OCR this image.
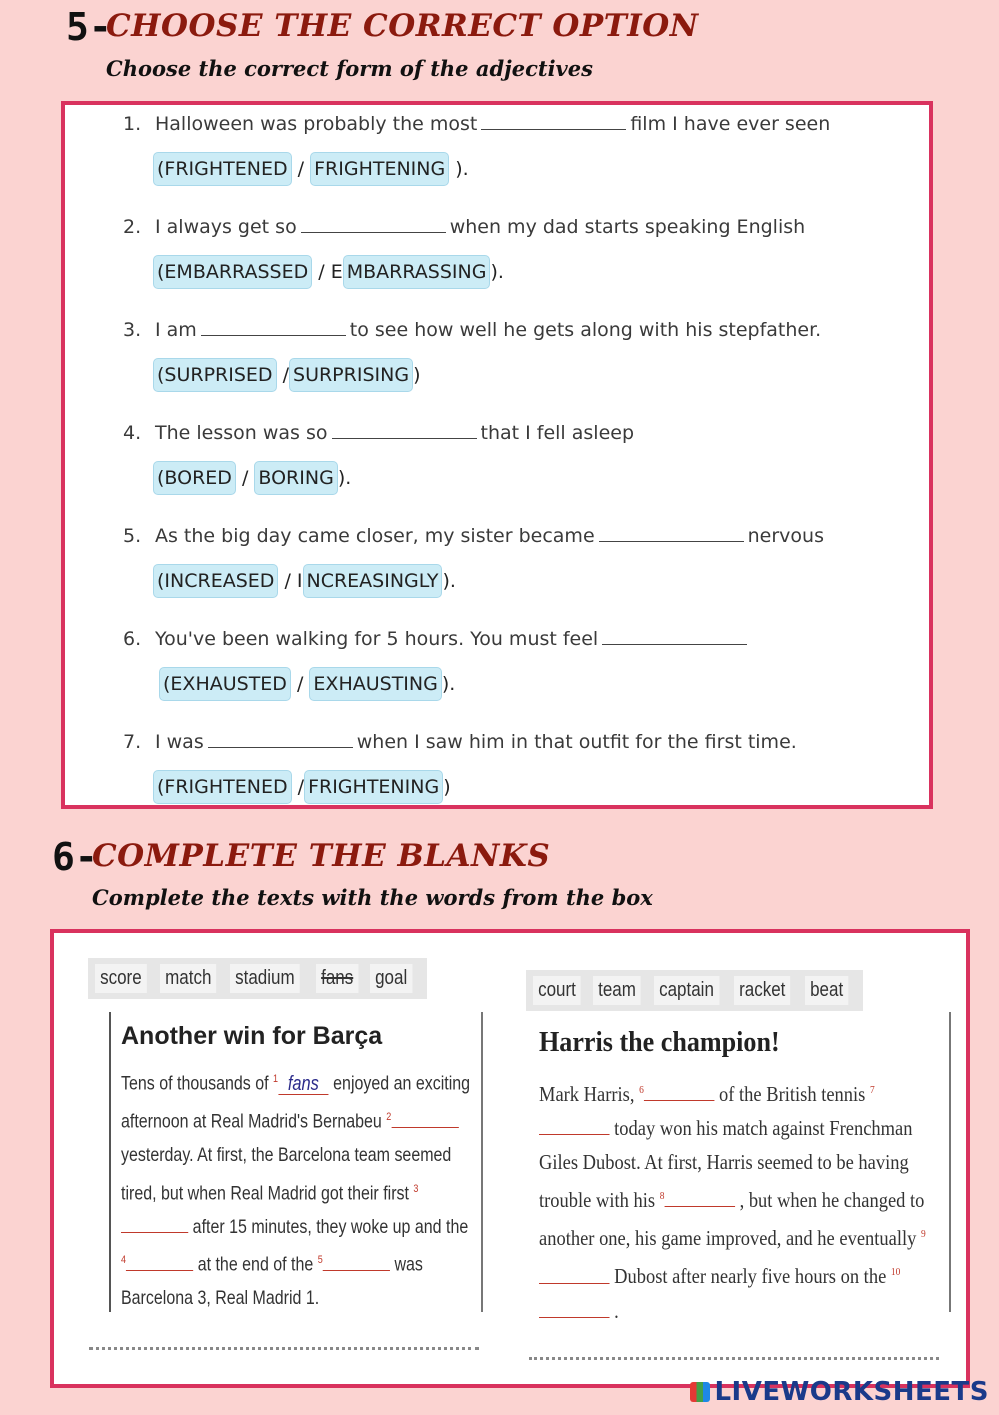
5-
CHOOSE THE CORRECT OPTION
Choose the correct form of the adjectives
1. Halloween was probably the most	film I have ever seen
(FRIGHTENED / FRIGHTENING ).
2. I always get so	when my dad starts speaking English
(EMBARRASSED / E MBARRASSING ).
3. I am	to see how well he gets along with his stepfather.
(SURPRISED / SURPRISING )
4. The lesson was so	that I fell asleep
(BORED / BORING ).
5. As the big day came closer, my sister became	nervous
(INCREASED / I NCREASINGLY ).
6. You've been walking for 5 hours. You must feel
(EXHAUSTED / EXHAUSTING ).
7. I was	when I saw him in that outfit for the first time.
(FRIGHTENED / FRIGHTENING )
6-
COMPLETE THE BLANKS
Complete the texts with the words from the box
score match stadium fans goal
court team captain racket beat
Another win for Barça
Tens of thousands of $^1$ fans enjoyed an exciting afternoon at Real Madrid's Bernabeu $^2$ yesterday. At first, the Barcelona team seemed tired, but when Real Madrid got their first $^3$ after 15 minutes, they woke up and the $^4$	at the end of the $^5$	was Barcelona 3, Real Madrid 1.
Harris the champion!
Mark Harris, $^6$	of the British tennis $^7$ today won his match against Frenchman Giles Dubost. At first, Harris seemed to be having trouble with his $^8$	, but when he changed to another one, his game improved, and he eventually $^9$ Dubost after nearly five hours on the $^{10}$ .
LIVEWORKSHEETS
